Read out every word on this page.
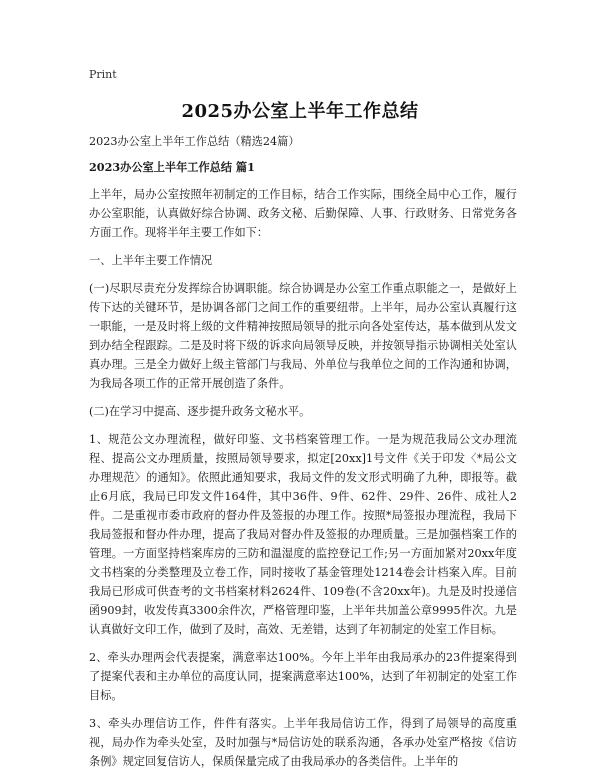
Print
2025办公室上半年工作总结

2023办公室上半年工作总结（精选24篇）

2023办公室上半年工作总结 篇1

上半年，局办公室按照年初制定的工作目标，结合工作实际，围绕全局中心工作，履行办公室职能，认真做好综合协调、政务文秘、后勤保障、人事、行政财务、日常党务各方面工作。现将半年主要工作如下：

一、上半年主要工作情况

(一)尽职尽责充分发挥综合协调职能。综合协调是办公室工作重点职能之一，是做好上传下达的关键环节，是协调各部门之间工作的重要纽带。上半年，局办公室认真履行这一职能，一是及时将上级的文件精神按照局领导的批示向各处室传达，基本做到从发文到办结全程跟踪。二是及时将下级的诉求向局领导反映，并按领导指示协调相关处室认真办理。三是全力做好上级主管部门与我局、外单位与我单位之间的工作沟通和协调，为我局各项工作的正常开展创造了条件。

(二)在学习中提高、逐步提升政务文秘水平。

1、规范公文办理流程，做好印鉴、文书档案管理工作。一是为规范我局公文办理流程、提高公文办理质量，按照局领导要求，拟定[20xx]1号文件《关于印发〈*局公文办理规范〉的通知》。依照此通知要求，我局文件的发文形式明确了九种，即报等。截止6月底，我局已印发文件164件，其中36件、9件、62件、29件、26件、成社人2件。二是重视市委市政府的督办件及签报的办理工作。按照*局签报办理流程，我局下我局签报和督办件办理，提高了我局对督办件及签报的办理质量。三是加强档案工作的管理。一方面坚持档案库房的三防和温湿度的监控登记工作;另一方面加紧对20xx年度文书档案的分类整理及立卷工作，同时接收了基金管理处1214卷会计档案入库。目前我局已形成可供查考的文书档案材料2624件、109卷(不含20xx年)。九是及时投递信函909封，收发传真3300余件次，严格管理印鉴，上半年共加盖公章9995件次。九是认真做好文印工作，做到了及时，高效、无差错，达到了年初制定的处室工作目标。

2、牵头办理两会代表提案，满意率达100%。今年上半年由我局承办的23件提案得到了提案代表和主办单位的高度认同，提案满意率达100%，达到了年初制定的处室工作目标。

3、牵头办理信访工作，件件有落实。上半年我局信访工作，得到了局领导的高度重视，局办作为牵头处室，及时加强与*局信访处的联系沟通，各承办处室严格按《信访条例》规定回复信访人，保质保量完成了由我局承办的各类信件。上半年的
